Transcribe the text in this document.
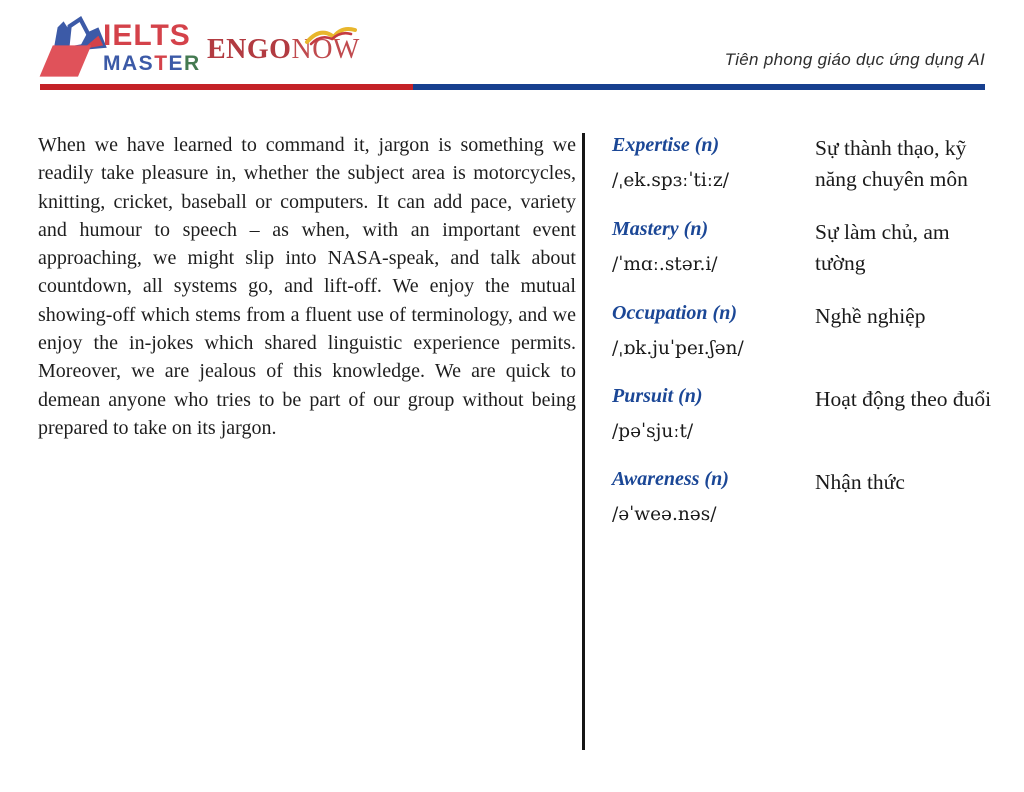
IELTS
MASTER ENGONOW	Tiên phong giáo dục ứng dụng AI

When we have learned to command it, jargon is something we readily take pleasure in, whether the subject area is motorcycles, knitting, cricket, baseball or computers. It can add pace, variety and humour to speech – as when, with an important event approaching, we might slip into NASA-speak, and talk about countdown, all systems go, and lift-off. We enjoy the mutual showing-off which stems from a fluent use of terminology, and we enjoy the in-jokes which shared linguistic experience permits. Moreover, we are jealous of this knowledge. We are quick to demean anyone who tries to be part of our group without being prepared to take on its jargon.

Expertise (n)
/ˌek.spɜːˈtiːz/
Sự thành thạo, kỹ năng chuyên môn
Mastery (n)
/ˈmɑː.stər.i/
Sự làm chủ, am tường
Occupation (n)
/ˌɒk.juˈpeɪ.ʃən/
Nghề nghiệp
Pursuit (n)
/pəˈsjuːt/
Hoạt động theo đuổi
Awareness (n)
/əˈweə.nəs/
Nhận thức
